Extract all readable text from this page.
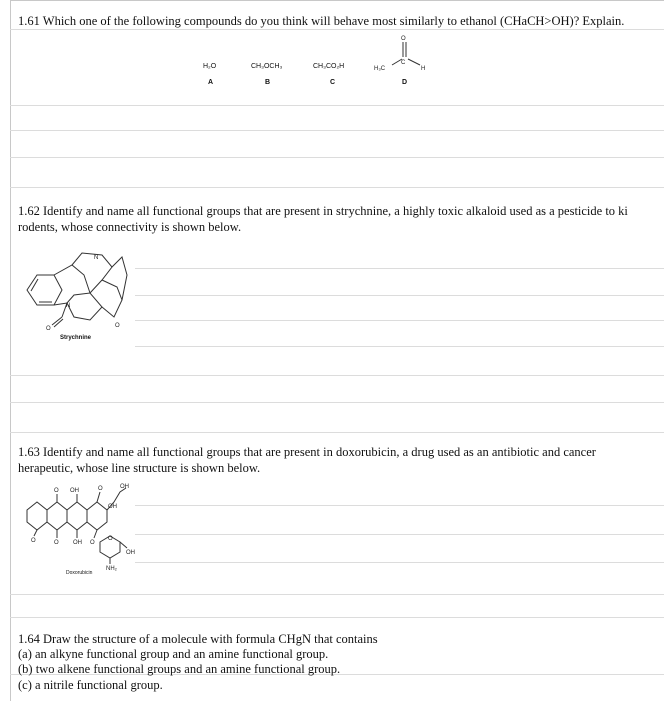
1.61 Which one of the following compounds do you think will behave most similarly to ethanol (CHaCH>OH)? Explain.
H₂O
A
CH₃OCH₃
B
CH₃CO₂H
C
O
C
H₃C	H
D
1.62 Identify and name all functional groups that are present in strychnine, a highly toxic alkaloid used as a pesticide to ki
rodents, whose connectivity is shown below.
N
N
O	O
Strychnine
1.63 Identify and name all functional groups that are present in doxorubicin, a drug used as an antibiotic and cancer
herapeutic, whose line structure is shown below.
O OH	O	OH
OH
O	O OH O
O
OH
NH₂
Doxorubicin
1.64 Draw the structure of a molecule with formula CHgN that contains
(a) an alkyne functional group and an amine functional group.
(b) two alkene functional groups and an amine functional group.
(c) a nitrile functional group.
